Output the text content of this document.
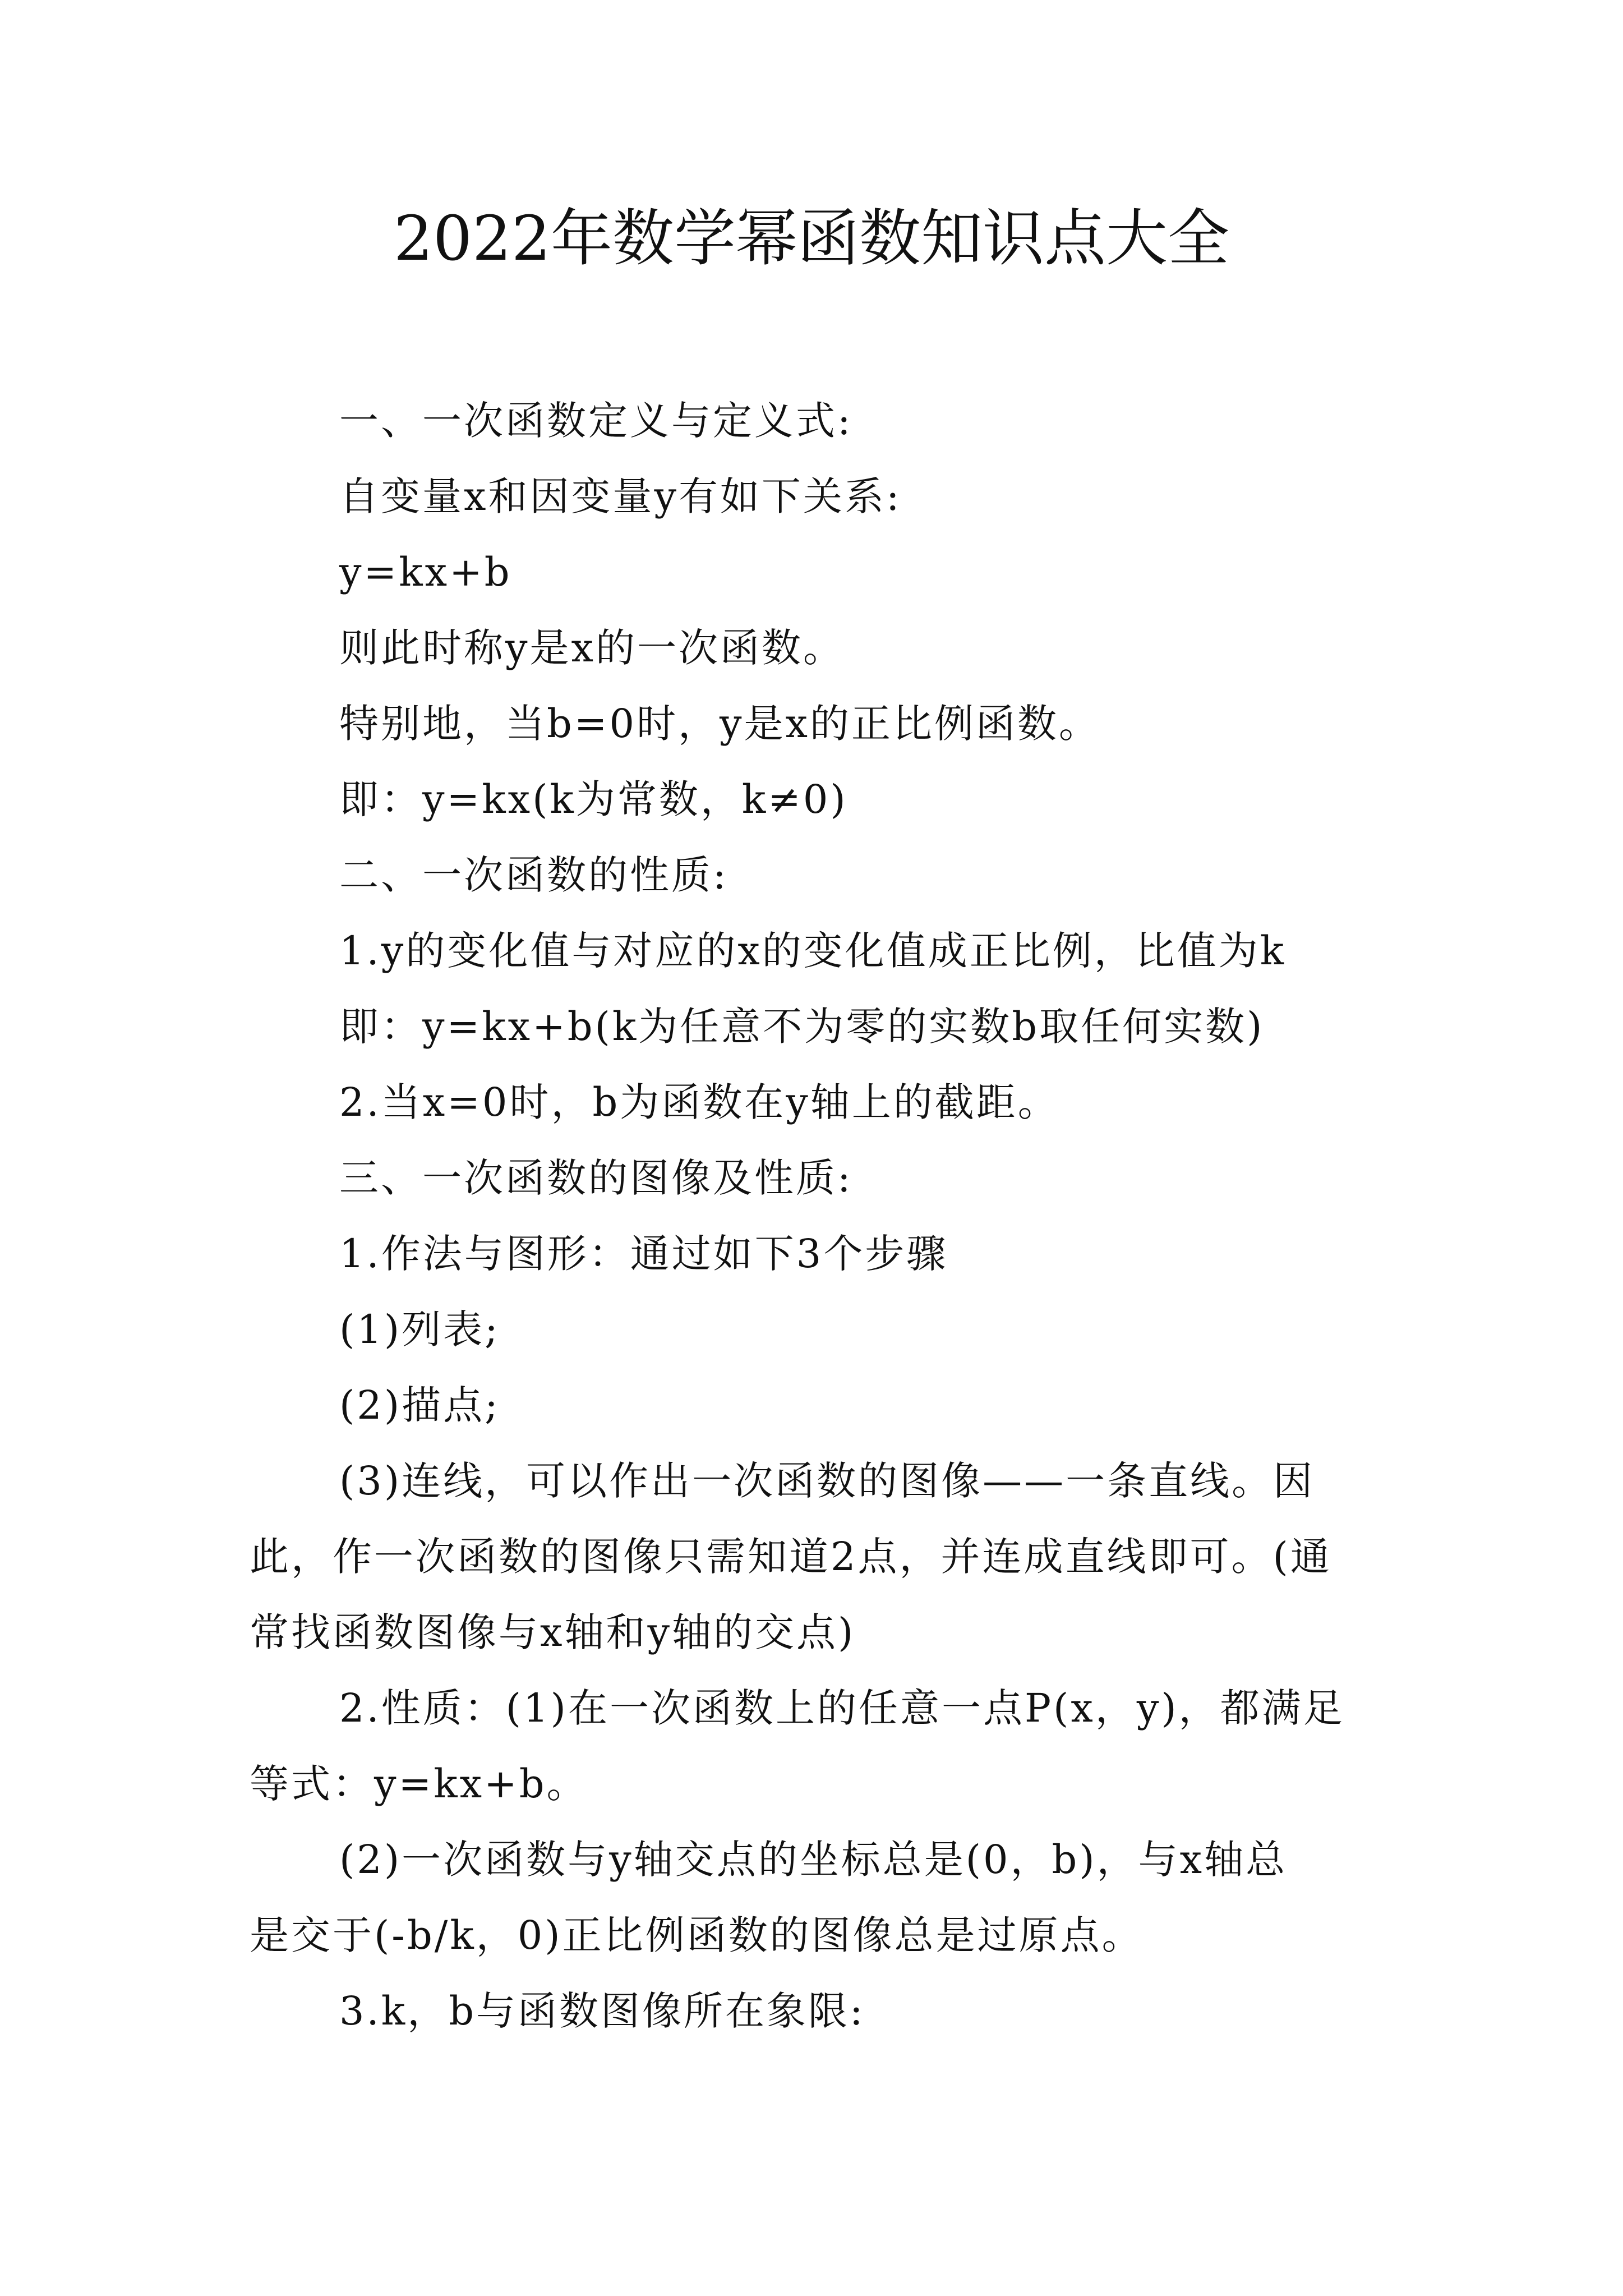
2022年数学幂函数知识点大全
一、一次函数定义与定义式:
自变量x和因变量y有如下关系:
y=kx+b
则此时称y是x的一次函数。
特别地，当b=0时，y是x的正比例函数。
即：y=kx(k为常数，k≠0)
二、一次函数的性质:
1.y的变化值与对应的x的变化值成正比例，比值为k
即：y=kx+b(k为任意不为零的实数b取任何实数)
2.当x=0时，b为函数在y轴上的截距。
三、一次函数的图像及性质:
1.作法与图形：通过如下3个步骤
(1)列表;
(2)描点;
(3)连线，可以作出一次函数的图像——一条直线。因
此，作一次函数的图像只需知道2点，并连成直线即可。(通
常找函数图像与x轴和y轴的交点)
2.性质：(1)在一次函数上的任意一点P(x，y)，都满足
等式：y=kx+b。
(2)一次函数与y轴交点的坐标总是(0，b)，与x轴总
是交于(-b/k，0)正比例函数的图像总是过原点。
3.k，b与函数图像所在象限:
